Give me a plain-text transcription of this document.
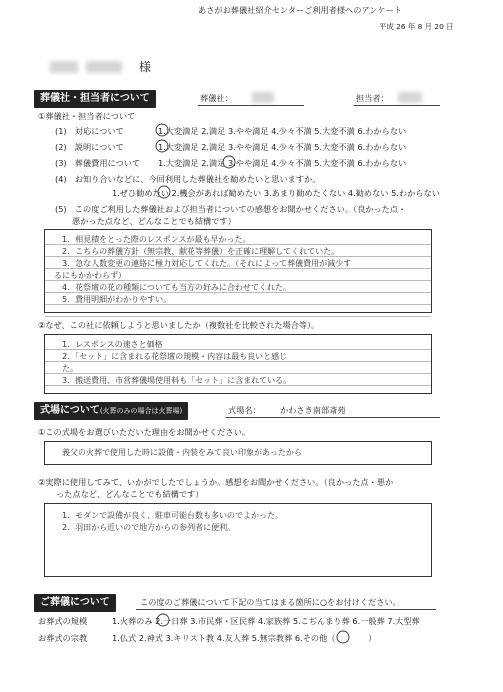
あさがお葬儀社紹介センターご利用者様へのアンケート
平成 26 年 8 月 20 日
様
葬儀社・担当者について	葬儀社：	担当者：
①葬儀社・担当者について
(1)　対応について	1.大変満足 2.満足 3.やや満足 4.少々不満 5.大変不満 6.わからない
(2)　説明について	1.大変満足 2.満足 3.やや満足 4.少々不満 5.大変不満 6.わからない
(3)　葬儀費用について 1.大変満足 2.満足 3.やや満足 4.少々不満 5.大変不満 6.わからない
(4)　お知り合いなどに、今回利用した葬儀社を勧めたいと思いますか。
1.ぜひ勧めたい 2.機会があれば勧めたい 3.あまり勧めたくない 4.勧めない 5.わからない
(5)　この度ご利用した葬儀社および担当者についての感想をお聞かせください。（良かった点・
悪かった点など、どんなことでも結構です）
1．相見積をとった際のレスポンスが最も早かった。
2．こちらの葬儀方針（無宗教、献花等葬儀）を正確に理解してくれていた。
3．急な人数変更の連絡に極力対応してくれた。（それによって葬儀費用が減少す
るにもかかわらず）
4．花祭壇の花の種類についても当方の好みに合わせてくれた。
5．費用明細がわかりやすい。
②なぜ、この社に依頼しようと思いましたか（複数社を比較された場合等）。
1．レスポンスの速さと価格
2．「セット」に含まれる花祭壇の規模・内容は最も良いと感じ
た。
3．搬送費用、市営葬儀場使用料も「セット」に含まれている。
式場について(火葬のみの場合は火葬場)	式場名： かわさき南部斎苑
①この式場をお選びいただいた理由をお聞かせください。
義父の火葬で使用した時に設備・内装をみて良い印象があったから
②実際に使用してみて、いかがでしたでしょうか。感想をお聞かせください。（良かった点・悪か
った点など、どんなことでも結構です）
1．モダンで設備が良く、駐車可能台数も多いのでよかった。
2．羽田から近いので地方からの参列者に便利。
ご葬儀について	この度のご葬儀について下記の当てはまる箇所に○をお付けください。
お葬式の規模	1.火葬のみ 2.一日葬 3.市民葬・区民葬 4.家族葬 5.こぢんまり葬 6.一般葬 7.大型葬
お葬式の宗教	1.仏式 2.神式 3.キリスト教 4.友人葬 5.無宗教葬 6.その他（　　　　）
